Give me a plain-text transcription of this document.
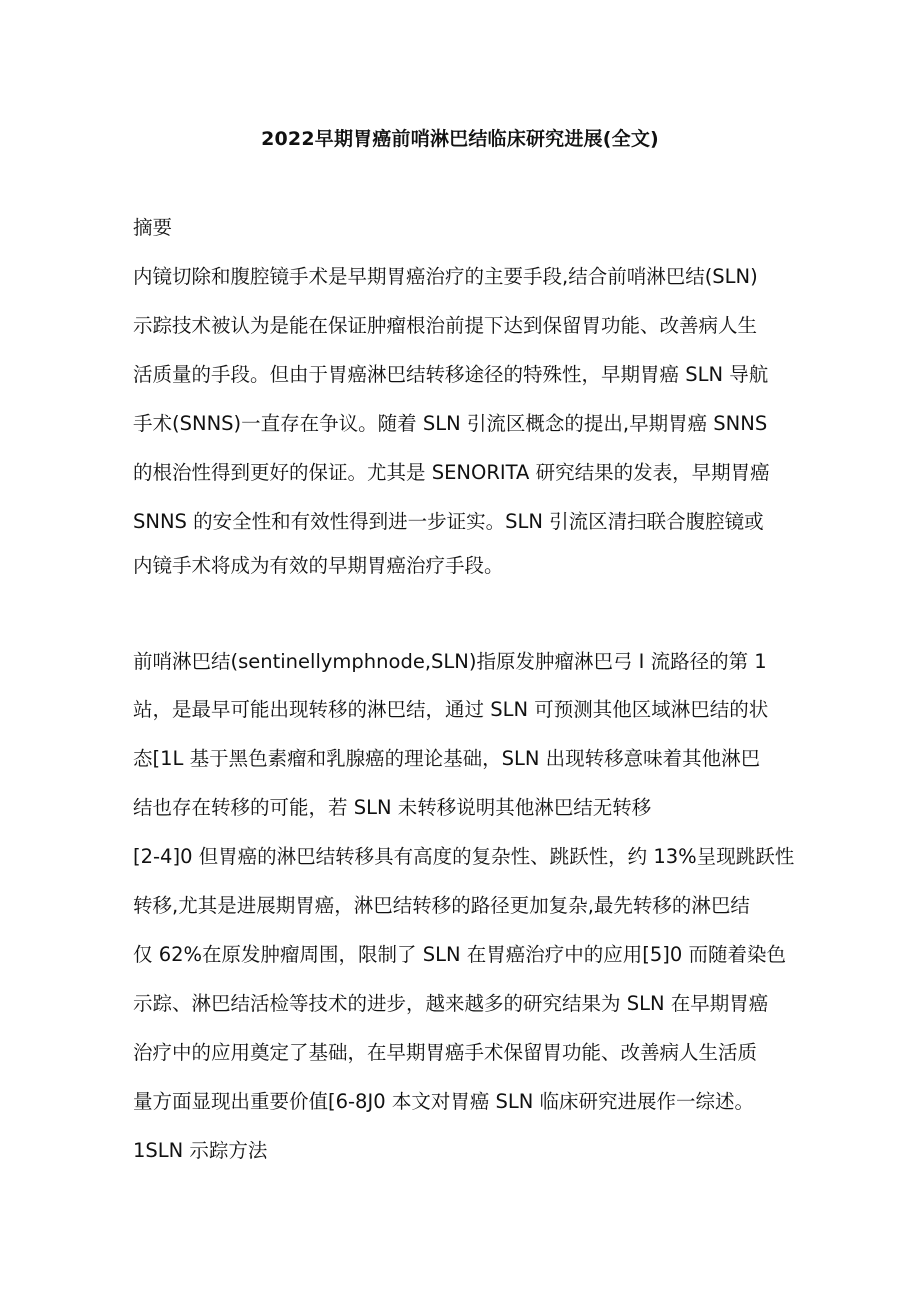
2022早期胃癌前哨淋巴结临床研究进展(全文)
摘要
内镜切除和腹腔镜手术是早期胃癌治疗的主要手段,结合前哨淋巴结(SLN)
示踪技术被认为是能在保证肿瘤根治前提下达到保留胃功能、改善病人生
活质量的手段。但由于胃癌淋巴结转移途径的特殊性，早期胃癌 SLN 导航
手术(SNNS)一直存在争议。随着 SLN 引流区概念的提出,早期胃癌 SNNS
的根治性得到更好的保证。尤其是 SENORITA 研究结果的发表，早期胃癌
SNNS 的安全性和有效性得到进一步证实。SLN 引流区清扫联合腹腔镜或
内镜手术将成为有效的早期胃癌治疗手段。
前哨淋巴结(sentinellymphnode,SLN)指原发肿瘤淋巴弓 I 流路径的第 1
站，是最早可能出现转移的淋巴结，通过 SLN 可预测其他区域淋巴结的状
态[1L 基于黑色素瘤和乳腺癌的理论基础，SLN 出现转移意味着其他淋巴
结也存在转移的可能，若 SLN 未转移说明其他淋巴结无转移
[2-4]0 但胃癌的淋巴结转移具有高度的复杂性、跳跃性，约 13%呈现跳跃性
转移,尤其是进展期胃癌，淋巴结转移的路径更加复杂,最先转移的淋巴结
仅 62%在原发肿瘤周围，限制了 SLN 在胃癌治疗中的应用[5]0 而随着染色
示踪、淋巴结活检等技术的进步，越来越多的研究结果为 SLN 在早期胃癌
治疗中的应用奠定了基础，在早期胃癌手术保留胃功能、改善病人生活质
量方面显现出重要价值[6-8J0 本文对胃癌 SLN 临床研究进展作一综述。
1SLN 示踪方法
